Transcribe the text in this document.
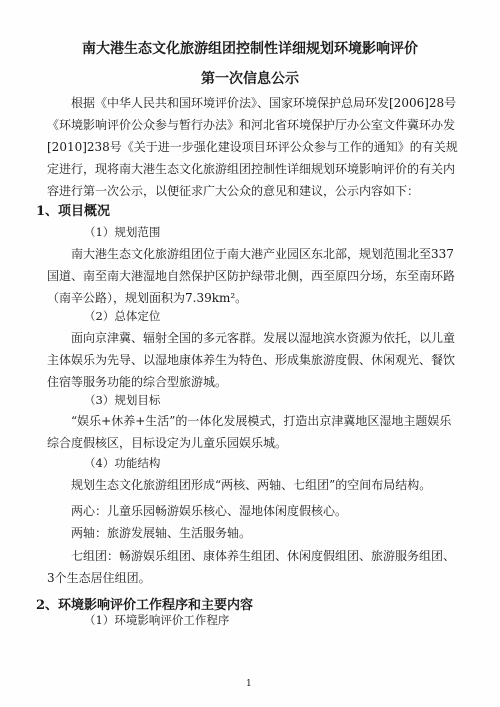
南大港生态文化旅游组团控制性详细规划环境影响评价
第一次信息公示
根据《中华人民共和国环境评价法》、国家环境保护总局环发[2006]28号《环境影响评价公众参与暂行办法》和河北省环境保护厅办公室文件冀环办发[2010]238号《关于进一步强化建设项目环评公众参与工作的通知》的有关规定进行，现将南大港生态文化旅游组团控制性详细规划环境影响评价的有关内容进行第一次公示，以便征求广大公众的意见和建议，公示内容如下：
1、项目概况
（1）规划范围
南大港生态文化旅游组团位于南大港产业园区东北部，规划范围北至337国道、南至南大港湿地自然保护区防护绿带北侧，西至原四分场，东至南环路（南辛公路），规划面积为7.39km²。
（2）总体定位
面向京津冀、辐射全国的多元客群。发展以湿地滨水资源为依托，以儿童主体娱乐为先导、以湿地康体养生为特色、形成集旅游度假、休闲观光、餐饮住宿等服务功能的综合型旅游城。
（3）规划目标
“娱乐+休养+生活”的一体化发展模式，打造出京津冀地区湿地主题娱乐综合度假核区，目标设定为儿童乐园娱乐城。
（4）功能结构
规划生态文化旅游组团形成“两核、两轴、七组团”的空间布局结构。
两心：儿童乐园畅游娱乐核心、湿地体闲度假核心。
两轴：旅游发展轴、生活服务轴。
七组团：畅游娱乐组团、康体养生组团、休闲度假组团、旅游服务组团、3个生态居住组团。
2、环境影响评价工作程序和主要内容
（1）环境影响评价工作程序
1
